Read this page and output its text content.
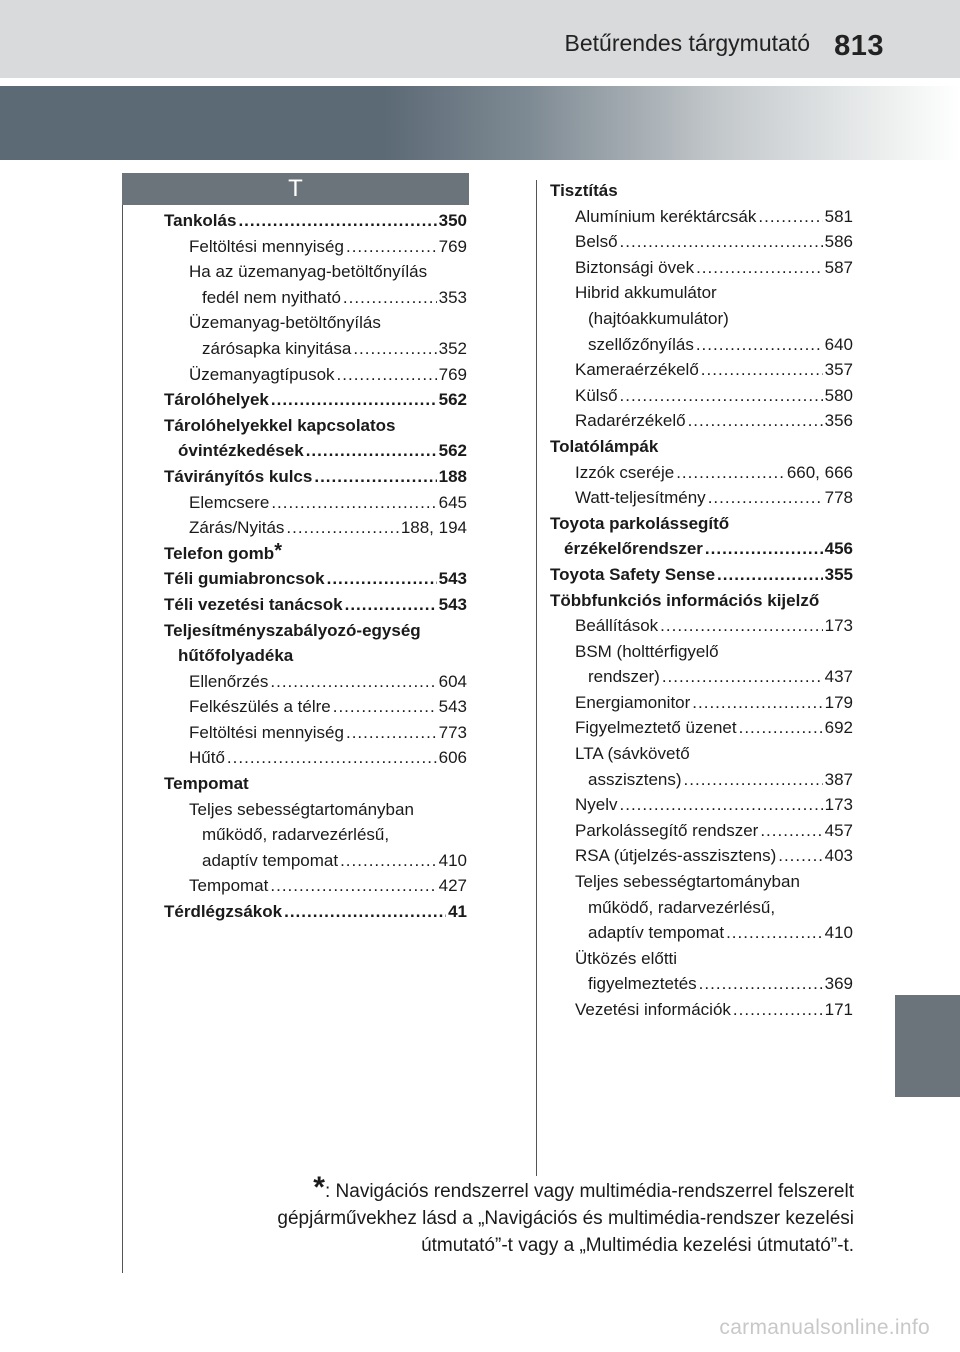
Betűrendes tárgymutató 813
T
Tankolás .....	350
Feltöltési mennyiség .....	769
Ha az üzemanyag-betöltőnyílás
fedél nem nyitható .....	353
Üzemanyag-betöltőnyílás
zárósapka kinyitása .....	352
Üzemanyagtípusok .....	769
Tárolóhelyek .....	562
Tárolóhelyekkel kapcsolatos
óvintézkedések .....	562
Távirányítós kulcs .....	188
Elemcsere .....	645
Zárás/Nyitás .....	188, 194
Telefon gomb*
Téli gumiabroncsok .....	543
Téli vezetési tanácsok .....	543
Teljesítményszabályozó-egység
hűtőfolyadéka
Ellenőrzés .....	604
Felkészülés a télre .....	543
Feltöltési mennyiség .....	773
Hűtő .....	606
Tempomat
Teljes sebességtartományban
működő, radarvezérlésű,
adaptív tempomat .....	410
Tempomat .....	427
Térdlégzsákok .....	41
Tisztítás
Alumínium keréktárcsák .....	581
Belső .....	586
Biztonsági övek .....	587
Hibrid akkumulátor
(hajtóakkumulátor)
szellőzőnyílás .....	640
Kameraérzékelő .....	357
Külső .....	580
Radarérzékelő .....	356
Tolatólámpák
Izzók cseréje .....	660, 666
Watt-teljesítmény .....	778
Toyota parkolássegítő
érzékelőrendszer .....	456
Toyota Safety Sense .....	355
Többfunkciós információs kijelző
Beállítások .....	173
BSM (holttérfigyelő
rendszer) .....	437
Energiamonitor .....	179
Figyelmeztető üzenet .....	692
LTA (sávkövető
asszisztens) .....	387
Nyelv .....	173
Parkolássegítő rendszer .....	457
RSA (útjelzés-asszisztens) .....	403
Teljes sebességtartományban
működő, radarvezérlésű,
adaptív tempomat .....	410
Ütközés előtti
figyelmeztetés .....	369
Vezetési információk .....	171
*: Navigációs rendszerrel vagy multimédia-rendszerrel felszerelt
gépjárművekhez lásd a „Navigációs és multimédia-rendszer kezelési
útmutató”-t vagy a „Multimédia kezelési útmutató”-t.
carmanualsonline.info
